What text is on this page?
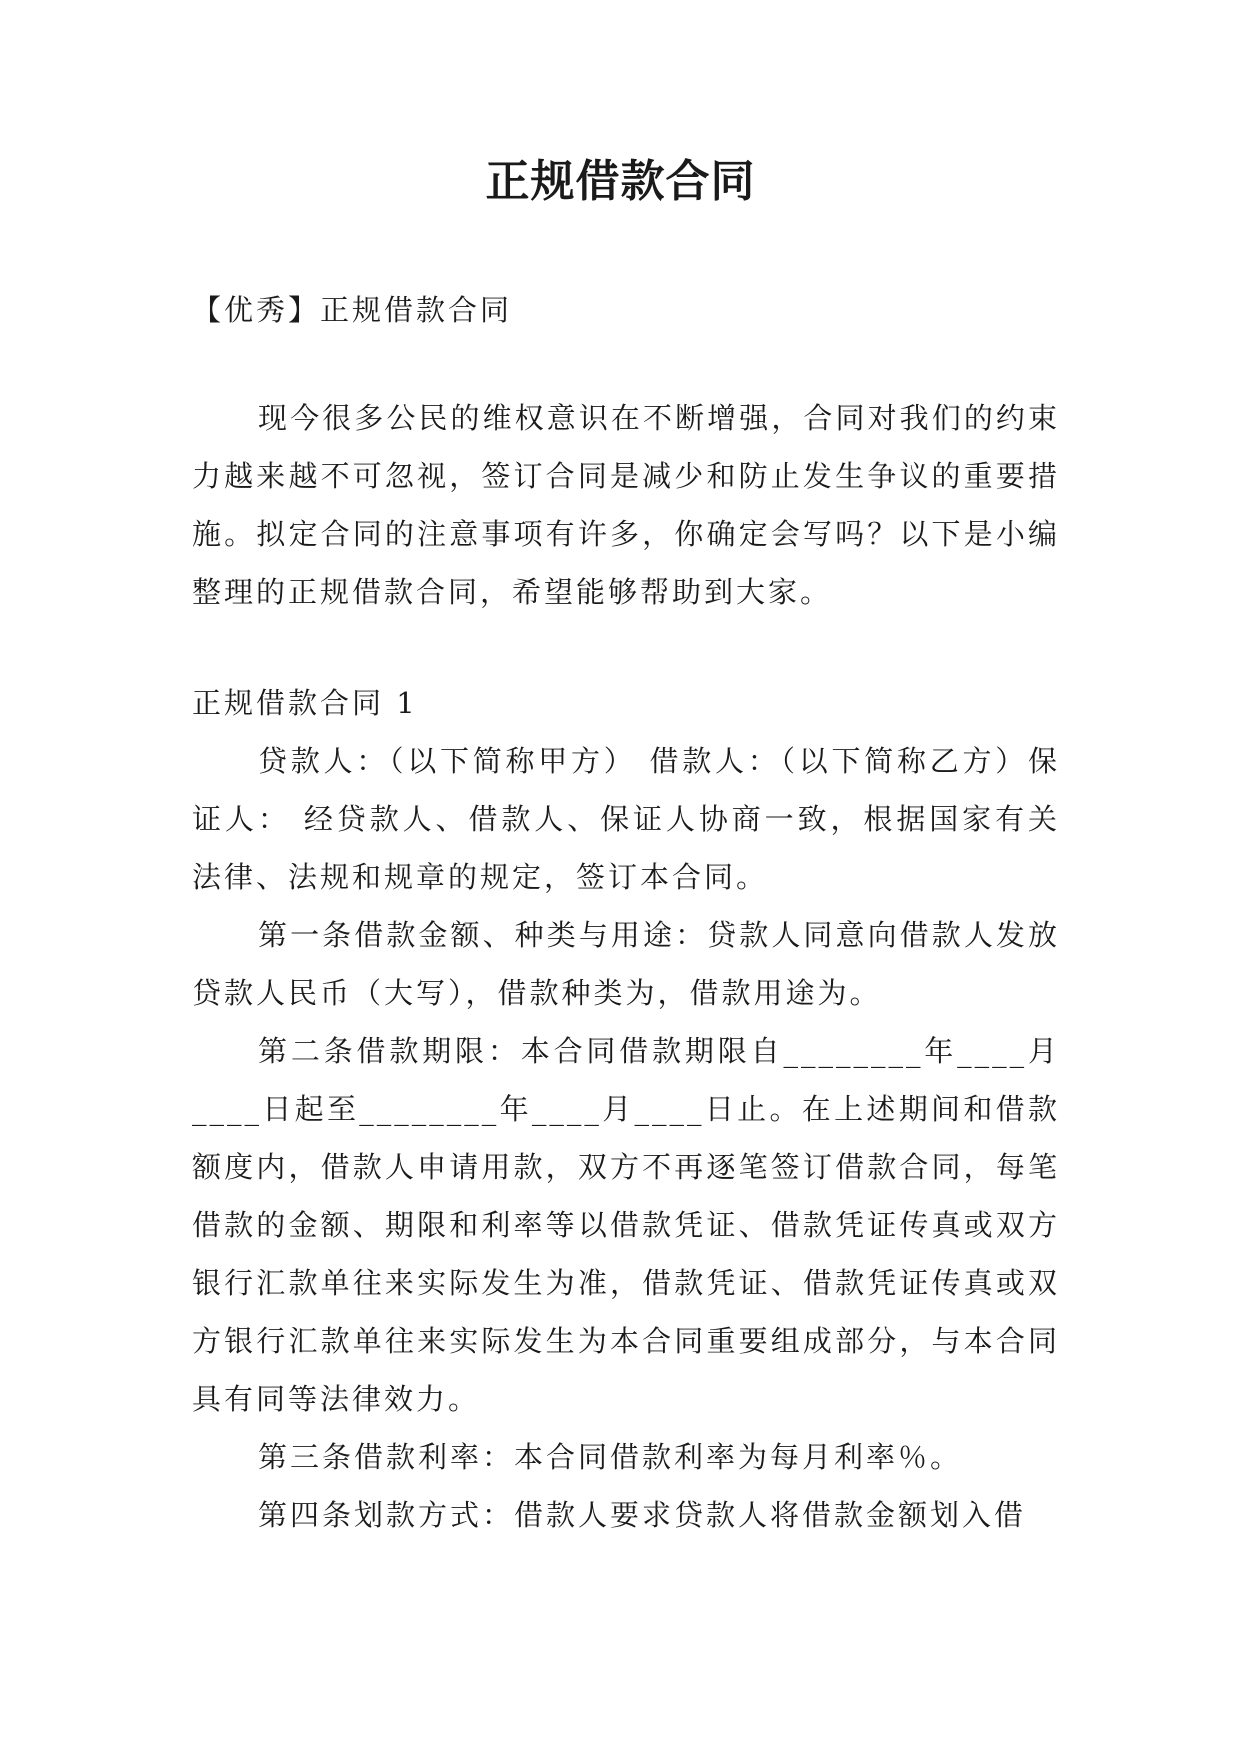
正规借款合同

【优秀】正规借款合同

现今很多公民的维权意识在不断增强，合同对我们的约束力越来越不可忽视，签订合同是减少和防止发生争议的重要措施。拟定合同的注意事项有许多，你确定会写吗？以下是小编整理的正规借款合同，希望能够帮助到大家。

正规借款合同 1

贷款人：（以下简称甲方） 借款人：（以下简称乙方）保证人： 经贷款人、借款人、保证人协商一致，根据国家有关法律、法规和规章的规定，签订本合同。

第一条借款金额、种类与用途：贷款人同意向借款人发放贷款人民币（大写），借款种类为，借款用途为。

第二条借款期限：本合同借款期限自________年____月____日起至________年____月____日止。在上述期间和借款额度内，借款人申请用款，双方不再逐笔签订借款合同，每笔借款的金额、期限和利率等以借款凭证、借款凭证传真或双方银行汇款单往来实际发生为准，借款凭证、借款凭证传真或双方银行汇款单往来实际发生为本合同重要组成部分，与本合同具有同等法律效力。

第三条借款利率：本合同借款利率为每月利率％。

第四条划款方式：借款人要求贷款人将借款金额划入借
